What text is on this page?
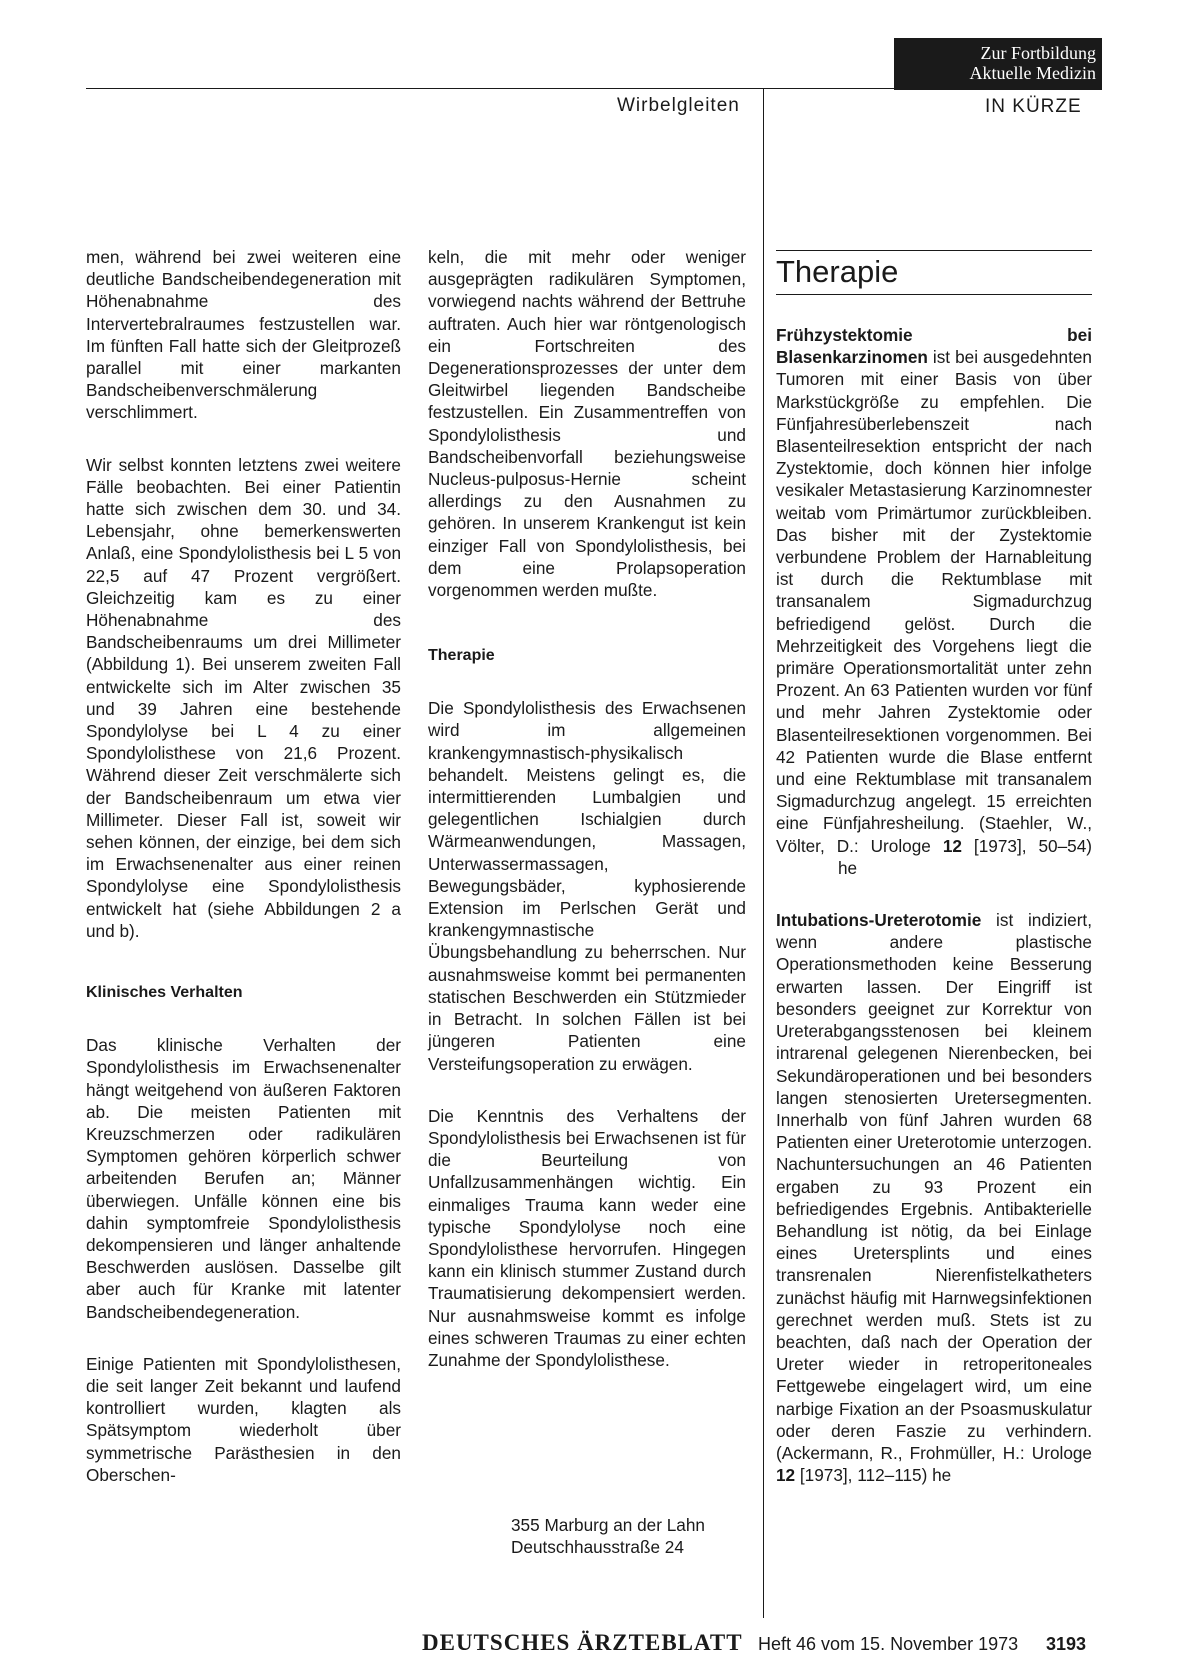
Zur Fortbildung
Aktuelle Medizin
Wirbelgleiten	IN KÜRZE

men, während bei zwei weiteren eine deutliche Bandscheibendegeneration mit Höhenabnahme des Intervertebralraumes festzustellen war. Im fünften Fall hatte sich der Gleitprozeß parallel mit einer markanten Bandscheibenverschmälerung verschlimmert.

Wir selbst konnten letztens zwei weitere Fälle beobachten. Bei einer Patientin hatte sich zwischen dem 30. und 34. Lebensjahr, ohne bemerkenswerten Anlaß, eine Spondylolisthesis bei L 5 von 22,5 auf 47 Prozent vergrößert. Gleichzeitig kam es zu einer Höhenabnahme des Bandscheibenraums um drei Millimeter (Abbildung 1). Bei unserem zweiten Fall entwickelte sich im Alter zwischen 35 und 39 Jahren eine bestehende Spondylolyse bei L 4 zu einer Spondylolisthese von 21,6 Prozent. Während dieser Zeit verschmälerte sich der Bandscheibenraum um etwa vier Millimeter. Dieser Fall ist, soweit wir sehen können, der einzige, bei dem sich im Erwachsenenalter aus einer reinen Spondylolyse eine Spondylolisthesis entwickelt hat (siehe Abbildungen 2 a und b).

Klinisches Verhalten

Das klinische Verhalten der Spondylolisthesis im Erwachsenenalter hängt weitgehend von äußeren Faktoren ab. Die meisten Patienten mit Kreuzschmerzen oder radikulären Symptomen gehören körperlich schwer arbeitenden Berufen an; Männer überwiegen. Unfälle können eine bis dahin symptomfreie Spondylolisthesis dekompensieren und länger anhaltende Beschwerden auslösen. Dasselbe gilt aber auch für Kranke mit latenter Bandscheibendegeneration.

Einige Patienten mit Spondylolisthesen, die seit langer Zeit bekannt und laufend kontrolliert wurden, klagten als Spätsymptom wiederholt über symmetrische Parästhesien in den Oberschen-

keln, die mit mehr oder weniger ausgeprägten radikulären Symptomen, vorwiegend nachts während der Bettruhe auftraten. Auch hier war röntgenologisch ein Fortschreiten des Degenerationsprozesses der unter dem Gleitwirbel liegenden Bandscheibe festzustellen. Ein Zusammentreffen von Spondylolisthesis und Bandscheibenvorfall beziehungsweise Nucleus-pulposus-Hernie scheint allerdings zu den Ausnahmen zu gehören. In unserem Krankengut ist kein einziger Fall von Spondylolisthesis, bei dem eine Prolapsoperation vorgenommen werden mußte.

Therapie

Die Spondylolisthesis des Erwachsenen wird im allgemeinen krankengymnastisch-physikalisch behandelt. Meistens gelingt es, die intermittierenden Lumbalgien und gelegentlichen Ischialgien durch Wärmeanwendungen, Massagen, Unterwassermassagen, Bewegungsbäder, kyphosierende Extension im Perlschen Gerät und krankengymnastische Übungsbehandlung zu beherrschen. Nur ausnahmsweise kommt bei permanenten statischen Beschwerden ein Stützmieder in Betracht. In solchen Fällen ist bei jüngeren Patienten eine Versteifungsoperation zu erwägen.

Die Kenntnis des Verhaltens der Spondylolisthesis bei Erwachsenen ist für die Beurteilung von Unfallzusammenhängen wichtig. Ein einmaliges Trauma kann weder eine typische Spondylolyse noch eine Spondylolisthese hervorrufen. Hingegen kann ein klinisch stummer Zustand durch Traumatisierung dekompensiert werden. Nur ausnahmsweise kommt es infolge eines schweren Traumas zu einer echten Zunahme der Spondylolisthese.

355 Marburg an der Lahn
Deutschhausstraße 24
Therapie

Frühzystektomie bei Blasenkarzinomen ist bei ausgedehnten Tumoren mit einer Basis von über Markstückgröße zu empfehlen. Die Fünfjahresüberlebenszeit nach Blasenteilresektion entspricht der nach Zystektomie, doch können hier infolge vesikaler Metastasierung Karzinomnester weitab vom Primärtumor zurückbleiben. Das bisher mit der Zystektomie verbundene Problem der Harnableitung ist durch die Rektumblase mit transanalem Sigmadurchzug befriedigend gelöst. Durch die Mehrzeitigkeit des Vorgehens liegt die primäre Operationsmortalität unter zehn Prozent. An 63 Patienten wurden vor fünf und mehr Jahren Zystektomie oder Blasenteilresektionen vorgenommen. Bei 42 Patienten wurde die Blase entfernt und eine Rektumblase mit transanalem Sigmadurchzug angelegt. 15 erreichten eine Fünfjahresheilung. (Staehler, W., Völter, D.: Urologe 12 [1973], 50–54)he

Intubations-Ureterotomie ist indiziert, wenn andere plastische Operationsmethoden keine Besserung erwarten lassen. Der Eingriff ist besonders geeignet zur Korrektur von Ureterabgangsstenosen bei kleinem intrarenal gelegenen Nierenbecken, bei Sekundäroperationen und bei besonders langen stenosierten Uretersegmenten. Innerhalb von fünf Jahren wurden 68 Patienten einer Ureterotomie unterzogen. Nachuntersuchungen an 46 Patienten ergaben zu 93 Prozent ein befriedigendes Ergebnis. Antibakterielle Behandlung ist nötig, da bei Einlage eines Uretersplints und eines transrenalen Nierenfistelkatheters zunächst häufig mit Harnwegsinfektionen gerechnet werden muß. Stets ist zu beachten, daß nach der Operation der Ureter wieder in retroperitoneales Fettgewebe eingelagert wird, um eine narbige Fixation an der Psoasmuskulatur oder deren Faszie zu verhindern. (Ackermann, R., Frohmüller, H.: Urologe 12 [1973], 112–115) he

DEUTSCHES ÄRZTEBLATT Heft 46 vom 15. November 1973 3193
